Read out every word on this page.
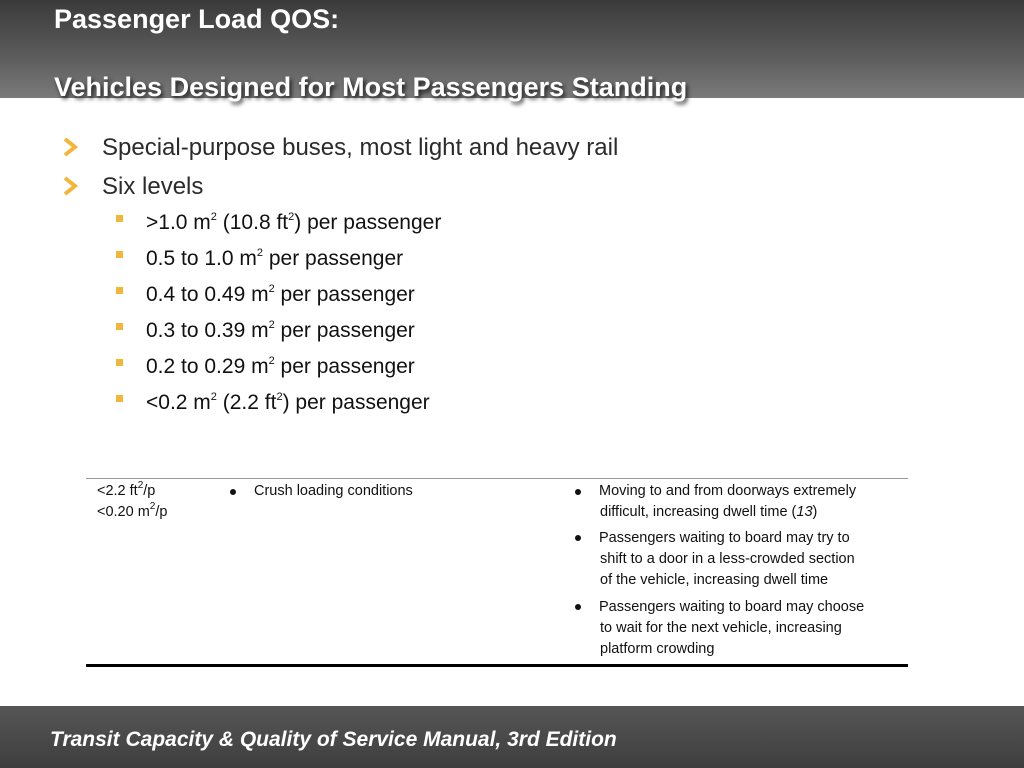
Passenger Load QOS:
Vehicles Designed for Most Passengers Standing
Special-purpose buses, most light and heavy rail
Six levels
>1.0 $m^2$ (10.8 $ft^2$) per passenger
0.5 to 1.0 $m^2$ per passenger
0.4 to 0.49 $m^2$ per passenger
0.3 to 0.39 $m^2$ per passenger
0.2 to 0.29 $m^2$ per passenger
<0.2 $m^2$ (2.2 $ft^2$) per passenger
<2.2 $ft^2/p$
<0.20 $m^2/p$
Crush loading conditions	Moving to and from doorways extremely
difficult, increasing dwell time (13)
Passengers waiting to board may try to
shift to a door in a less-crowded section
of the vehicle, increasing dwell time
Passengers waiting to board may choose
to wait for the next vehicle, increasing
platform crowding
Transit Capacity & Quality of Service Manual, 3rd Edition
